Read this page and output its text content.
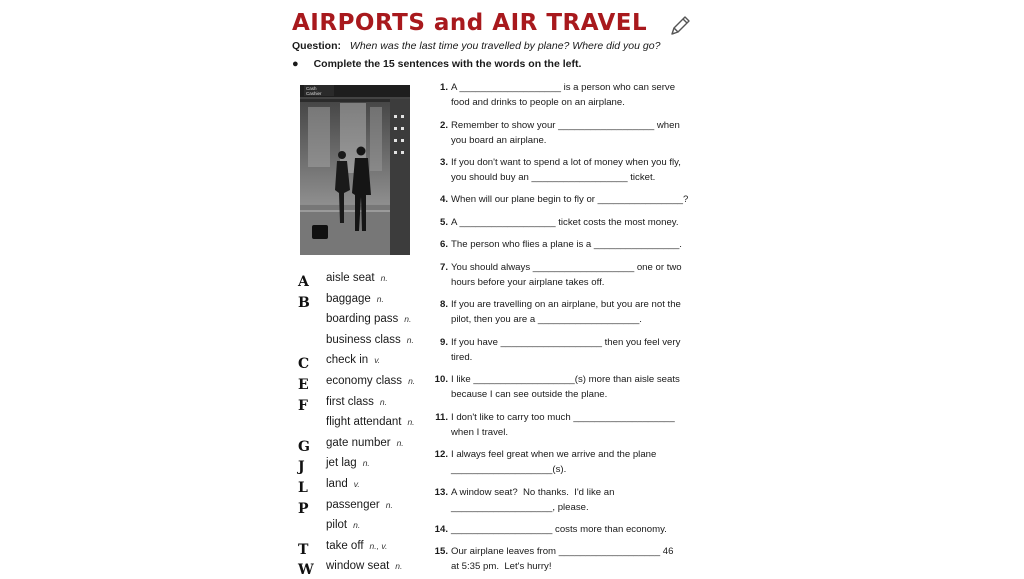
AIRPORTS and AIR TRAVEL
Question: When was the last time you travelled by plane? Where did you go?
● Complete the 15 sentences with the words on the left.
Cash
Cashier
A	aisle seat n.
B	baggage n.
boarding pass n.
business class n.
C	check in v.
E	economy class n.
F	first class n.
flight attendant n.
G	gate number n.
J	jet lag n.
L	land v.
P	passenger n.
pilot n.
T	take off n., v.
W window seat n.
1. A ___________________ is a person who can serve
food and drinks to people on an airplane.
2. Remember to show your __________________ when
you board an airplane.
3. If you don't want to spend a lot of money when you fly,
you should buy an __________________ ticket.
4. When will our plane begin to fly or ________________?
5. A __________________ ticket costs the most money.
6. The person who flies a plane is a ________________.
7. You should always ___________________ one or two
hours before your airplane takes off.
8. If you are travelling on an airplane, but you are not the
pilot, then you are a ___________________.
9. If you have ___________________ then you feel very
tired.
10. I like ___________________(s) more than aisle seats
because I can see outside the plane.
11. I don't like to carry too much ___________________
when I travel.
12. I always feel great when we arrive and the plane
___________________(s).
13. A window seat?  No thanks.  I'd like an
___________________, please.
14. ___________________ costs more than economy.
15. Our airplane leaves from ___________________ 46
at 5:35 pm.  Let's hurry!
